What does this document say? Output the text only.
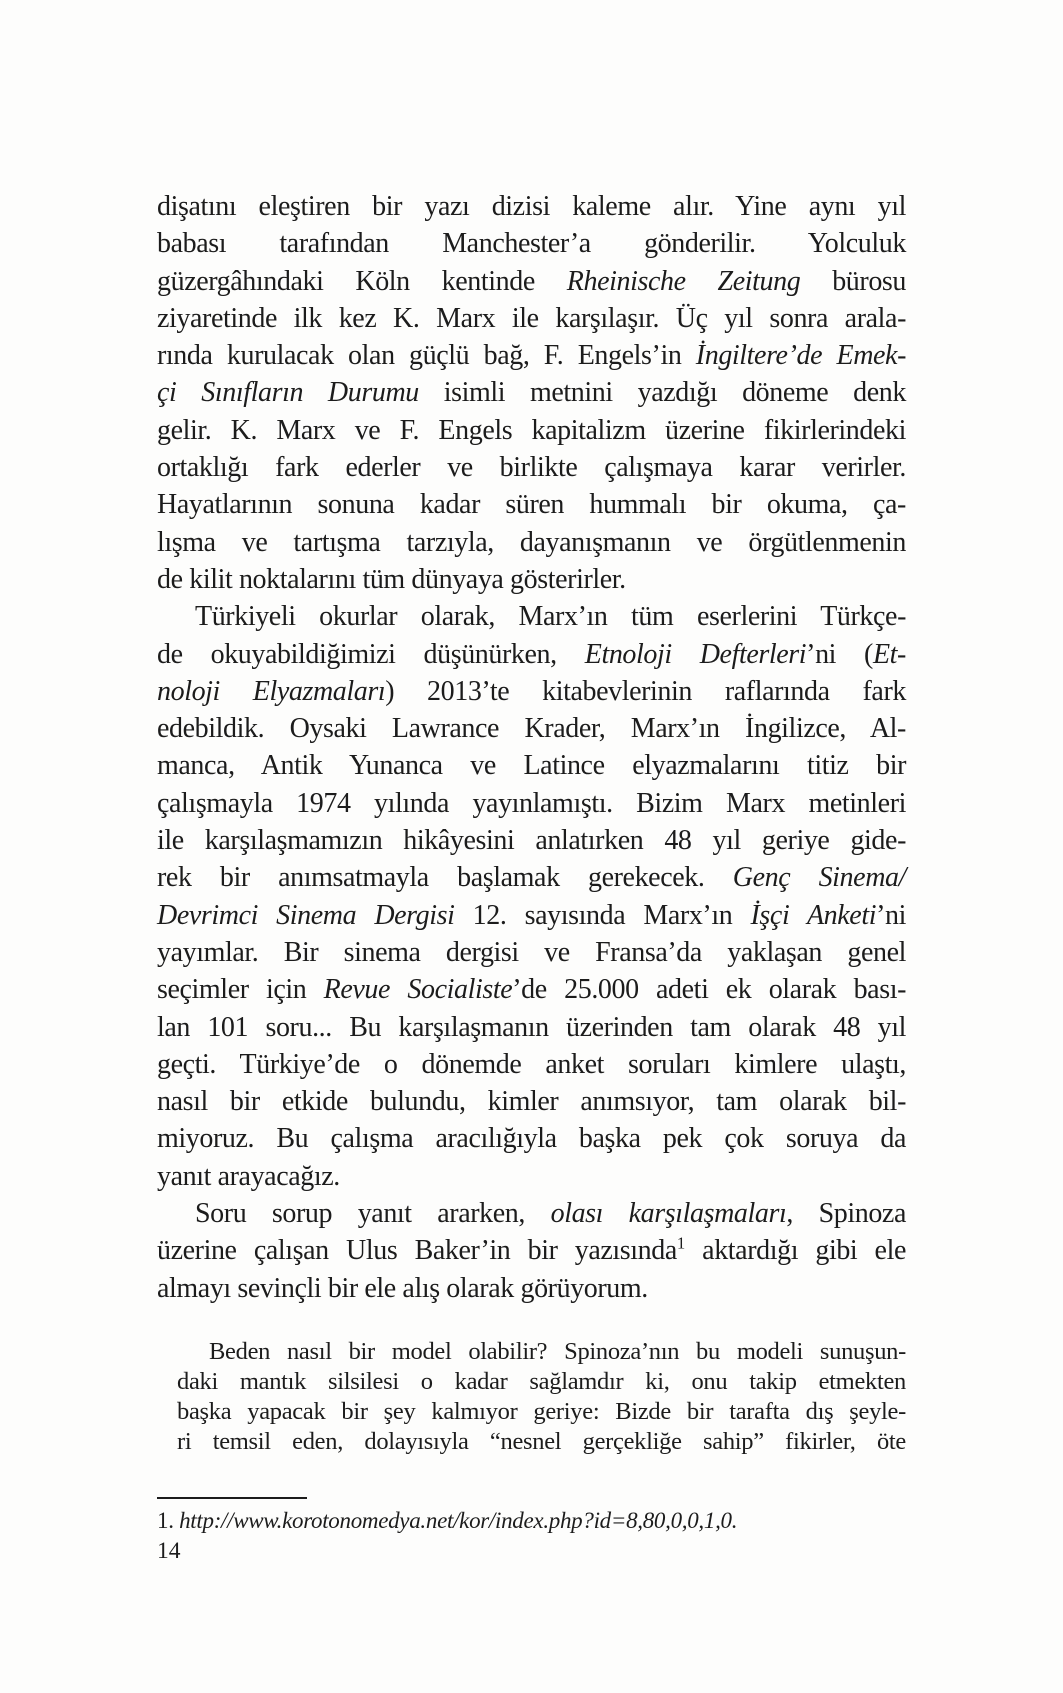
dişatını eleştiren bir yazı dizisi kaleme alır. Yine aynı yıl
babası tarafından Manchester’a gönderilir. Yolculuk
güzergâhındaki Köln kentinde Rheinische Zeitung bürosu
ziyaretinde ilk kez K. Marx ile karşılaşır. Üç yıl sonra arala-
rında kurulacak olan güçlü bağ, F. Engels’in İngiltere’de Emek-
çi Sınıfların Durumu isimli metnini yazdığı döneme denk
gelir. K. Marx ve F. Engels kapitalizm üzerine fikirlerindeki
ortaklığı fark ederler ve birlikte çalışmaya karar verirler.
Hayatlarının sonuna kadar süren hummalı bir okuma, ça-
lışma ve tartışma tarzıyla, dayanışmanın ve örgütlenmenin
de kilit noktalarını tüm dünyaya gösterirler.
Türkiyeli okurlar olarak, Marx’ın tüm eserlerini Türkçe-
de okuyabildiğimizi düşünürken, Etnoloji Defterleri’ni (Et-
noloji Elyazmaları) 2013’te kitabevlerinin raflarında fark
edebildik. Oysaki Lawrance Krader, Marx’ın İngilizce, Al-
manca, Antik Yunanca ve Latince elyazmalarını titiz bir
çalışmayla 1974 yılında yayınlamıştı. Bizim Marx metinleri
ile karşılaşmamızın hikâyesini anlatırken 48 yıl geriye gide-
rek bir anımsatmayla başlamak gerekecek. Genç Sinema/
Devrimci Sinema Dergisi 12. sayısında Marx’ın İşçi Anketi’ni
yayımlar. Bir sinema dergisi ve Fransa’da yaklaşan genel
seçimler için Revue Socialiste’de 25.000 adeti ek olarak bası-
lan 101 soru... Bu karşılaşmanın üzerinden tam olarak 48 yıl
geçti. Türkiye’de o dönemde anket soruları kimlere ulaştı,
nasıl bir etkide bulundu, kimler anımsıyor, tam olarak bil-
miyoruz. Bu çalışma aracılığıyla başka pek çok soruya da
yanıt arayacağız.
Soru sorup yanıt ararken, olası karşılaşmaları, Spinoza
üzerine çalışan Ulus Baker’in bir yazısında$^1$ aktardığı gibi ele
almayı sevinçli bir ele alış olarak görüyorum.
Beden nasıl bir model olabilir? Spinoza’nın bu modeli sunuşun-
daki mantık silsilesi o kadar sağlamdır ki, onu takip etmekten
başka yapacak bir şey kalmıyor geriye: Bizde bir tarafta dış şeyle-
ri temsil eden, dolayısıyla “nesnel gerçekliğe sahip” fikirler, öte

1. http://www.korotonomedya.net/kor/index.php?id=8,80,0,0,1,0.

14
